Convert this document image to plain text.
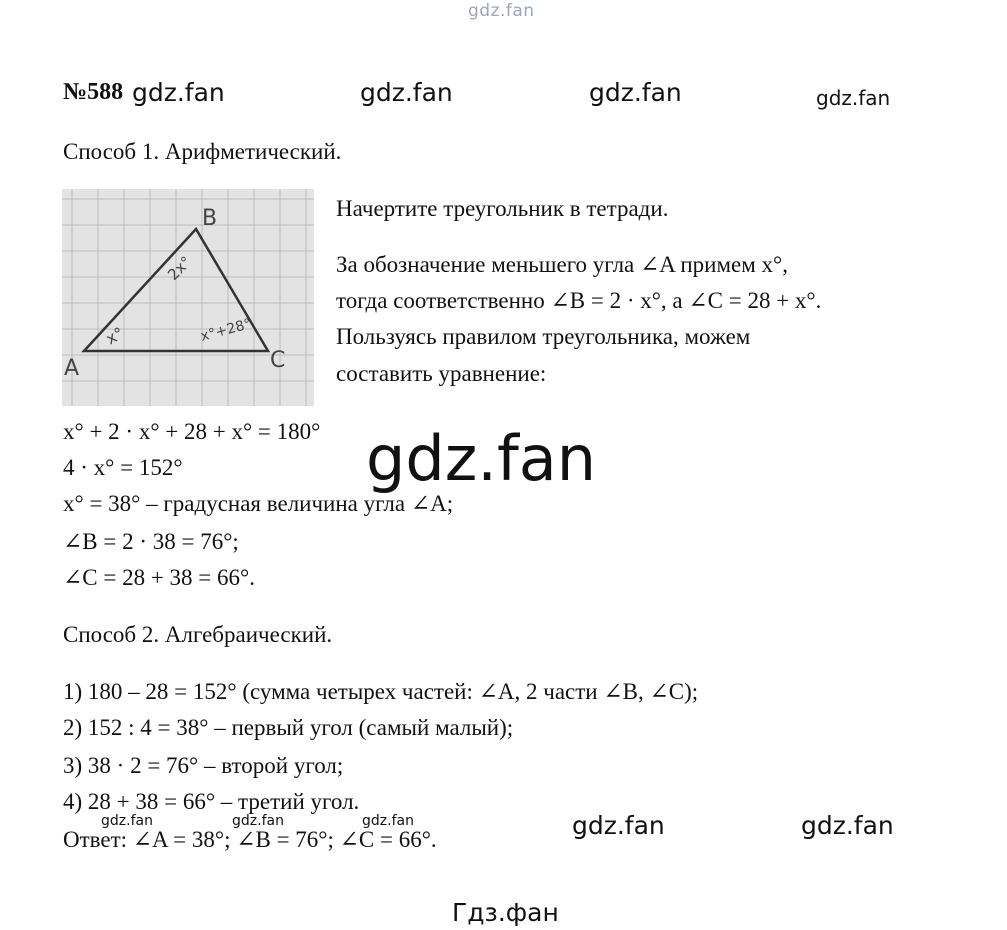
gdz.fan
№588 gdz.fan	gdz.fan	gdz.fan	gdz.fan
Способ 1. Арифметический.
A
B
C
x°
2x°
x°+28°
Начертите треугольник в тетради.
За обозначение меньшего угла ∠A примем x°,
тогда соответственно ∠B = 2 · x°, а ∠C = 28 + x°.
Пользуясь правилом треугольника, можем
составить уравнение:
x° + 2 · x° + 28 + x° = 180°
4 · x° = 152°
x° = 38° – градусная величина угла ∠A;
∠B = 2 · 38 = 76°;
∠C = 28 + 38 = 66°.
gdz.fan
Способ 2. Алгебраический.
1) 180 – 28 = 152° (сумма четырех частей: ∠A, 2 части ∠B, ∠C);
2) 152 : 4 = 38° – первый угол (самый малый);
3) 38 · 2 = 76° – второй угол;
4) 28 + 38 = 66° – третий угол.
gdz.fan	gdz.fan	gdz.fan
Ответ: ∠A = 38°; ∠B = 76°; ∠C = 66°.	gdz.fan	gdz.fan
Гдз.фан
